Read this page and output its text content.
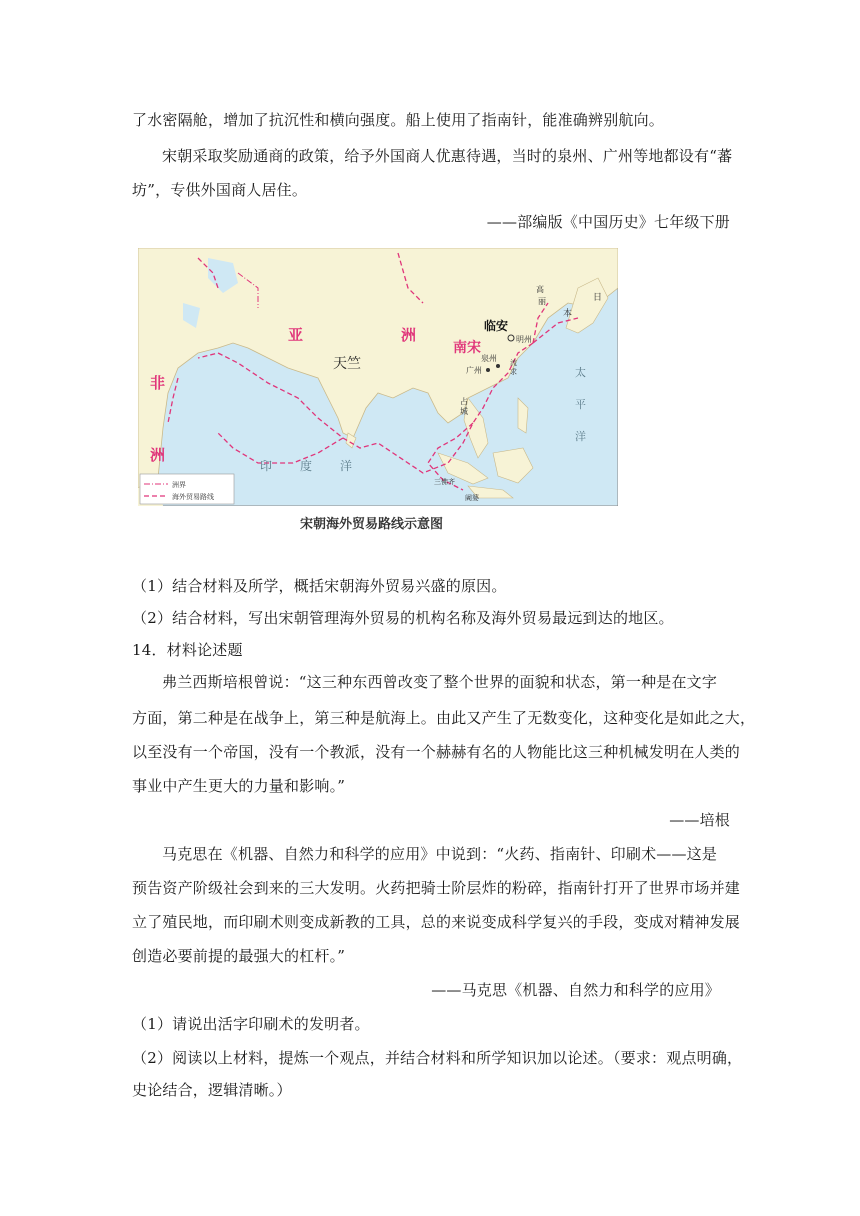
了水密隔舱，增加了抗沉性和横向强度。船上使用了指南针，能准确辨别航向。
宋朝采取奖励通商的政策，给予外国商人优惠待遇，当时的泉州、广州等地都设有“蕃
坊”，专供外国商人居住。
——部编版《中国历史》七年级下册
洲界
海外贸易路线
亚	洲
非
洲
南宋
天竺
临安
明州
泉州
广州
流
求
占
城
高
丽	日
本
太
平
洋
印 度 洋
三佛齐
阇婆
宋朝海外贸易路线示意图
（1）结合材料及所学，概括宋朝海外贸易兴盛的原因。
（2）结合材料，写出宋朝管理海外贸易的机构名称及海外贸易最远到达的地区。
14．材料论述题
弗兰西斯培根曾说：“这三种东西曾改变了整个世界的面貌和状态，第一种是在文字
方面，第二种是在战争上，第三种是航海上。由此又产生了无数变化，这种变化是如此之大，
以至没有一个帝国，没有一个教派，没有一个赫赫有名的人物能比这三种机械发明在人类的
事业中产生更大的力量和影响。”
——培根
马克思在《机器、自然力和科学的应用》中说到：“火药、指南针、印刷术——这是
预告资产阶级社会到来的三大发明。火药把骑士阶层炸的粉碎，指南针打开了世界市场并建
立了殖民地，而印刷术则变成新教的工具，总的来说变成科学复兴的手段，变成对精神发展
创造必要前提的最强大的杠杆。”
——马克思《机器、自然力和科学的应用》
（1）请说出活字印刷术的发明者。
（2）阅读以上材料，提炼一个观点，并结合材料和所学知识加以论述。（要求：观点明确，
史论结合，逻辑清晰。）
